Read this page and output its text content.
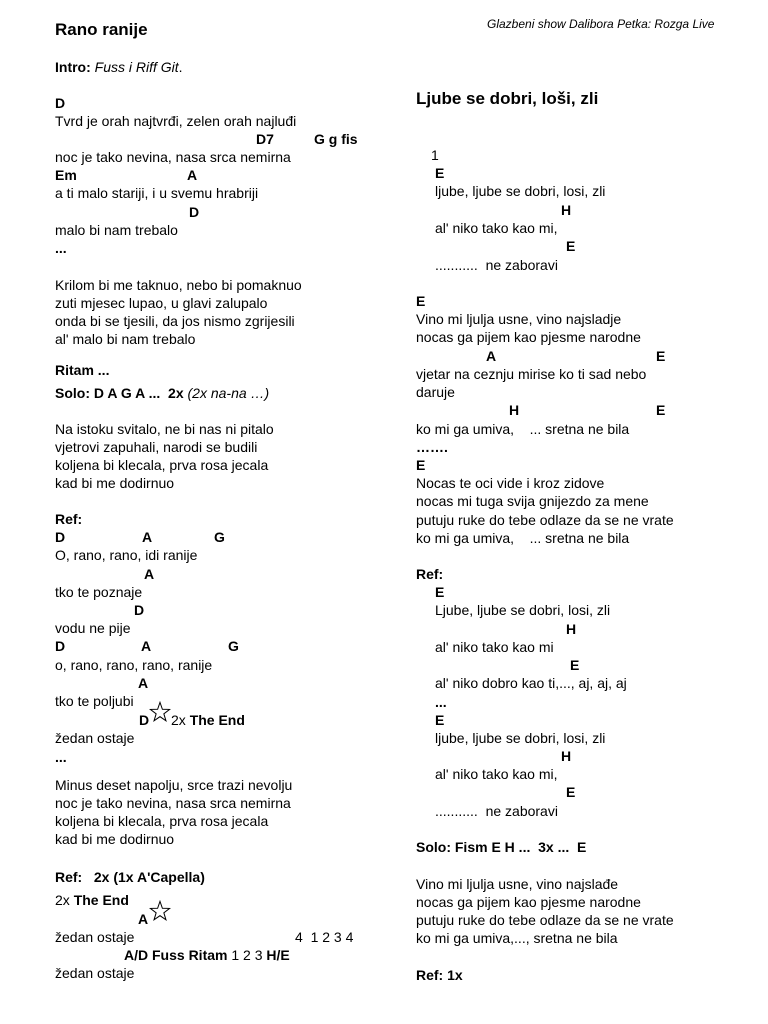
Glazbeni show Dalibora Petka: Rozga Live
Rano ranije
Intro: Fuss i Riff Git.
D
Tvrd je orah najtvrđi, zelen orah najluđi
D7	G g fis
noc je tako nevina, nasa srca nemirna
Em	A
a ti malo stariji, i u svemu hrabriji
D
malo bi nam trebalo
...
Krilom bi me taknuo, nebo bi pomaknuo
zuti mjesec lupao, u glavi zalupalo
onda bi se tjesili, da jos nismo zgrijesili
al' malo bi nam trebalo
Ritam ...
Solo: D A G A ...  2x (2x na-na …)
Na istoku svitalo, ne bi nas ni pitalo
vjetrovi zapuhali, narodi se budili
koljena bi klecala, prva rosa jecala
kad bi me dodirnuo
Ref:
D	A	G
O, rano, rano, idi ranije
A
tko te poznaje
D
vodu ne pije
D	A	G
o, rano, rano, rano, ranije
A
tko te poljubi
D 2x The End
žedan ostaje
...
Minus deset napolju, srce trazi nevolju
noc je tako nevina, nasa srca nemirna
koljena bi klecala, prva rosa jecala
kad bi me dodirnuo
Ref:   2x (1x A'Capella)
2x The End
A
žedan ostaje	4  1 2 3 4
A/D Fuss Ritam 1 2 3 H/E
žedan ostaje
Ljube se dobri, loši, zli
1
E
ljube, ljube se dobri, losi, zli
H
al' niko tako kao mi,
E
...........  ne zaboravi
E
Vino mi ljulja usne, vino najsladje
nocas ga pijem kao pjesme narodne
A	E
vjetar na ceznju mirise ko ti sad nebo
daruje
H	E
ko mi ga umiva,    ... sretna ne bila
…….
E
Nocas te oci vide i kroz zidove
nocas mi tuga svija gnijezdo za mene
putuju ruke do tebe odlaze da se ne vrate
ko mi ga umiva,    ... sretna ne bila
Ref:
E
Ljube, ljube se dobri, losi, zli
H
al' niko tako kao mi
E
al' niko dobro kao ti,..., aj, aj, aj
...
E
ljube, ljube se dobri, losi, zli
H
al' niko tako kao mi,
E
...........  ne zaboravi
Solo: Fism E H ...  3x ...  E
Vino mi ljulja usne, vino najslađe
nocas ga pijem kao pjesme narodne
putuju ruke do tebe odlaze da se ne vrate
ko mi ga umiva,..., sretna ne bila
Ref: 1x
